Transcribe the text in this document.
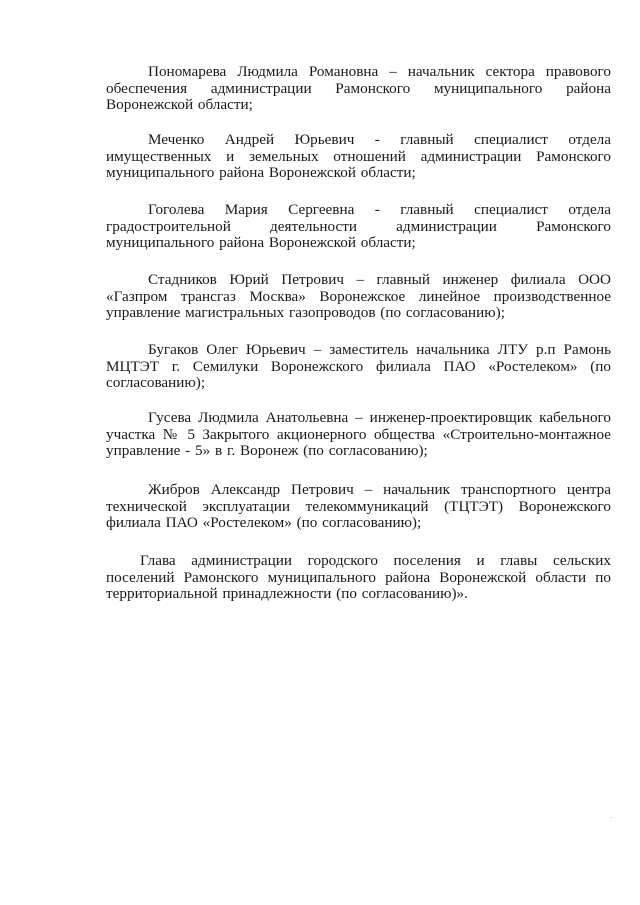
Пономарева Людмила Романовна – начальник сектора правового обеспечения администрации Рамонского муниципального района Воронежской области;

Меченко Андрей Юрьевич - главный специалист отдела имущественных и земельных отношений администрации Рамонского муниципального района Воронежской области;

Гоголева Мария Сергеевна - главный специалист отдела градостроительной деятельности администрации Рамонского муниципального района Воронежской области;

Стадников Юрий Петрович – главный инженер филиала ООО «Газпром трансгаз Москва» Воронежское линейное производственное управление магистральных газопроводов (по согласованию);

Бугаков Олег Юрьевич – заместитель начальника ЛТУ р.п Рамонь МЦТЭТ г. Семилуки Воронежского филиала ПАО «Ростелеком» (по согласованию);

Гусева Людмила Анатольевна – инженер-проектировщик кабельного участка № 5 Закрытого акционерного общества «Строительно-монтажное управление - 5» в г. Воронеж (по согласованию);

Жибров Александр Петрович – начальник транспортного центра технической эксплуатации телекоммуникаций (ТЦТЭТ) Воронежского филиала ПАО «Ростелеком» (по согласованию);

Глава администрации городского поселения и главы сельских поселений Рамонского муниципального района Воронежской области по территориальной принадлежности (по согласованию)».
